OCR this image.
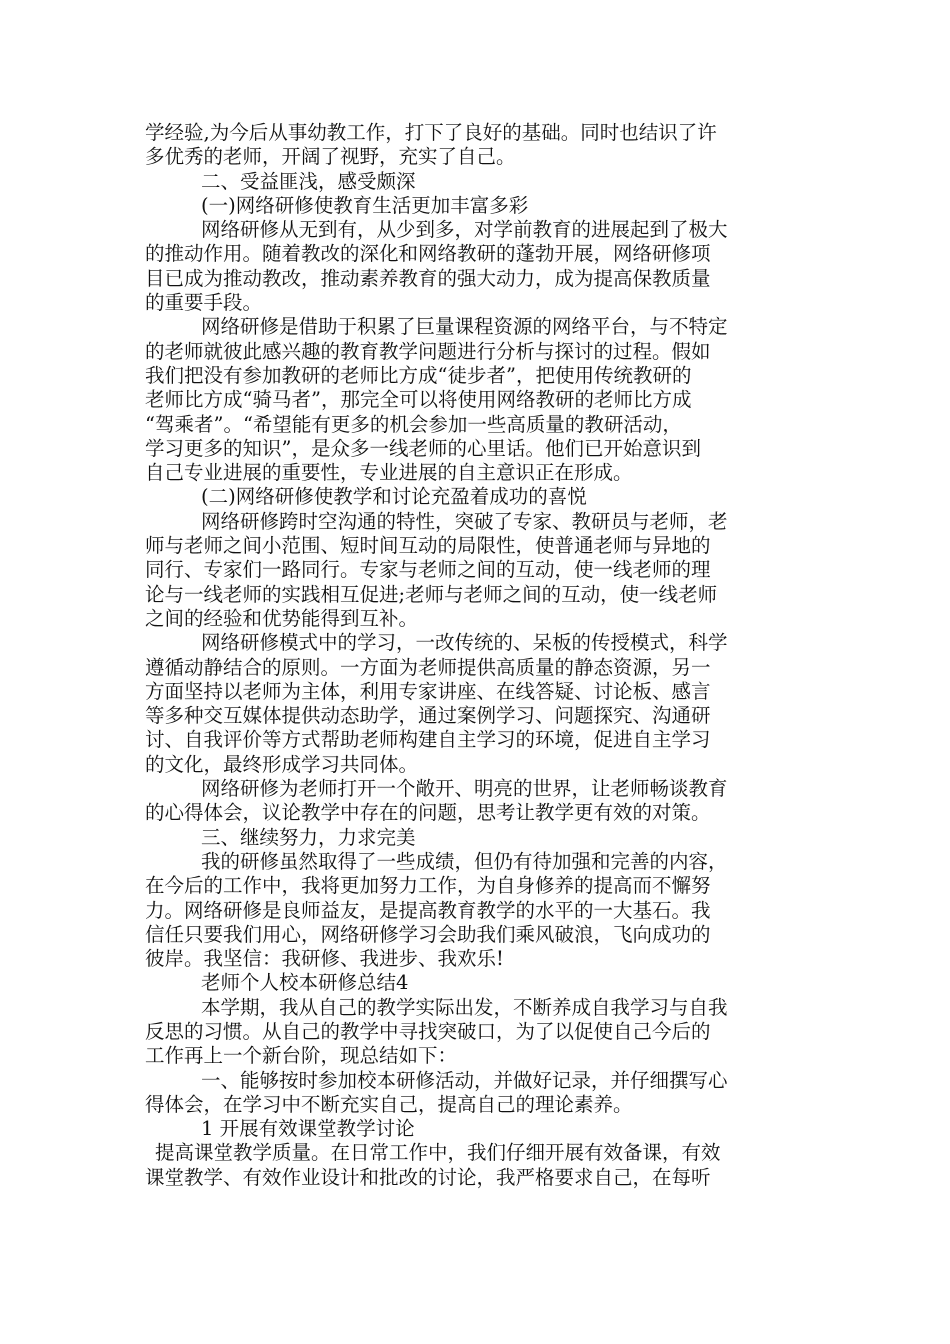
学经验,为今后从事幼教工作，打下了良好的基础。同时也结识了许
多优秀的老师，开阔了视野，充实了自己。
二、受益匪浅，感受颇深
(一)网络研修使教育生活更加丰富多彩
网络研修从无到有，从少到多，对学前教育的进展起到了极大
的推动作用。随着教改的深化和网络教研的蓬勃开展，网络研修项
目已成为推动教改，推动素养教育的强大动力，成为提高保教质量
的重要手段。
网络研修是借助于积累了巨量课程资源的网络平台，与不特定
的老师就彼此感兴趣的教育教学问题进行分析与探讨的过程。假如
我们把没有参加教研的老师比方成“徒步者”，把使用传统教研的
老师比方成“骑马者”，那完全可以将使用网络教研的老师比方成
“驾乘者”。“希望能有更多的机会参加一些高质量的教研活动，
学习更多的知识”，是众多一线老师的心里话。他们已开始意识到
自己专业进展的重要性，专业进展的自主意识正在形成。
(二)网络研修使教学和讨论充盈着成功的喜悦
网络研修跨时空沟通的特性，突破了专家、教研员与老师，老
师与老师之间小范围、短时间互动的局限性，使普通老师与异地的
同行、专家们一路同行。专家与老师之间的互动，使一线老师的理
论与一线老师的实践相互促进;老师与老师之间的互动，使一线老师
之间的经验和优势能得到互补。
网络研修模式中的学习，一改传统的、呆板的传授模式，科学
遵循动静结合的原则。一方面为老师提供高质量的静态资源，另一
方面坚持以老师为主体，利用专家讲座、在线答疑、讨论板、感言
等多种交互媒体提供动态助学，通过案例学习、问题探究、沟通研
讨、自我评价等方式帮助老师构建自主学习的环境，促进自主学习
的文化，最终形成学习共同体。
网络研修为老师打开一个敞开、明亮的世界，让老师畅谈教育
的心得体会，议论教学中存在的问题，思考让教学更有效的对策。
三、继续努力，力求完美
我的研修虽然取得了一些成绩，但仍有待加强和完善的内容，
在今后的工作中，我将更加努力工作，为自身修养的提高而不懈努
力。网络研修是良师益友，是提高教育教学的水平的一大基石。我
信任只要我们用心，网络研修学习会助我们乘风破浪，飞向成功的
彼岸。我坚信：我研修、我进步、我欢乐!
老师个人校本研修总结4
本学期，我从自己的教学实际出发，不断养成自我学习与自我
反思的习惯。从自己的教学中寻找突破口，为了以促使自己今后的
工作再上一个新台阶，现总结如下：
一、能够按时参加校本研修活动，并做好记录，并仔细撰写心
得体会，在学习中不断充实自己，提高自己的理论素养。
1 开展有效课堂教学讨论
提高课堂教学质量。在日常工作中，我们仔细开展有效备课，有效
课堂教学、有效作业设计和批改的讨论，我严格要求自己，在每听
